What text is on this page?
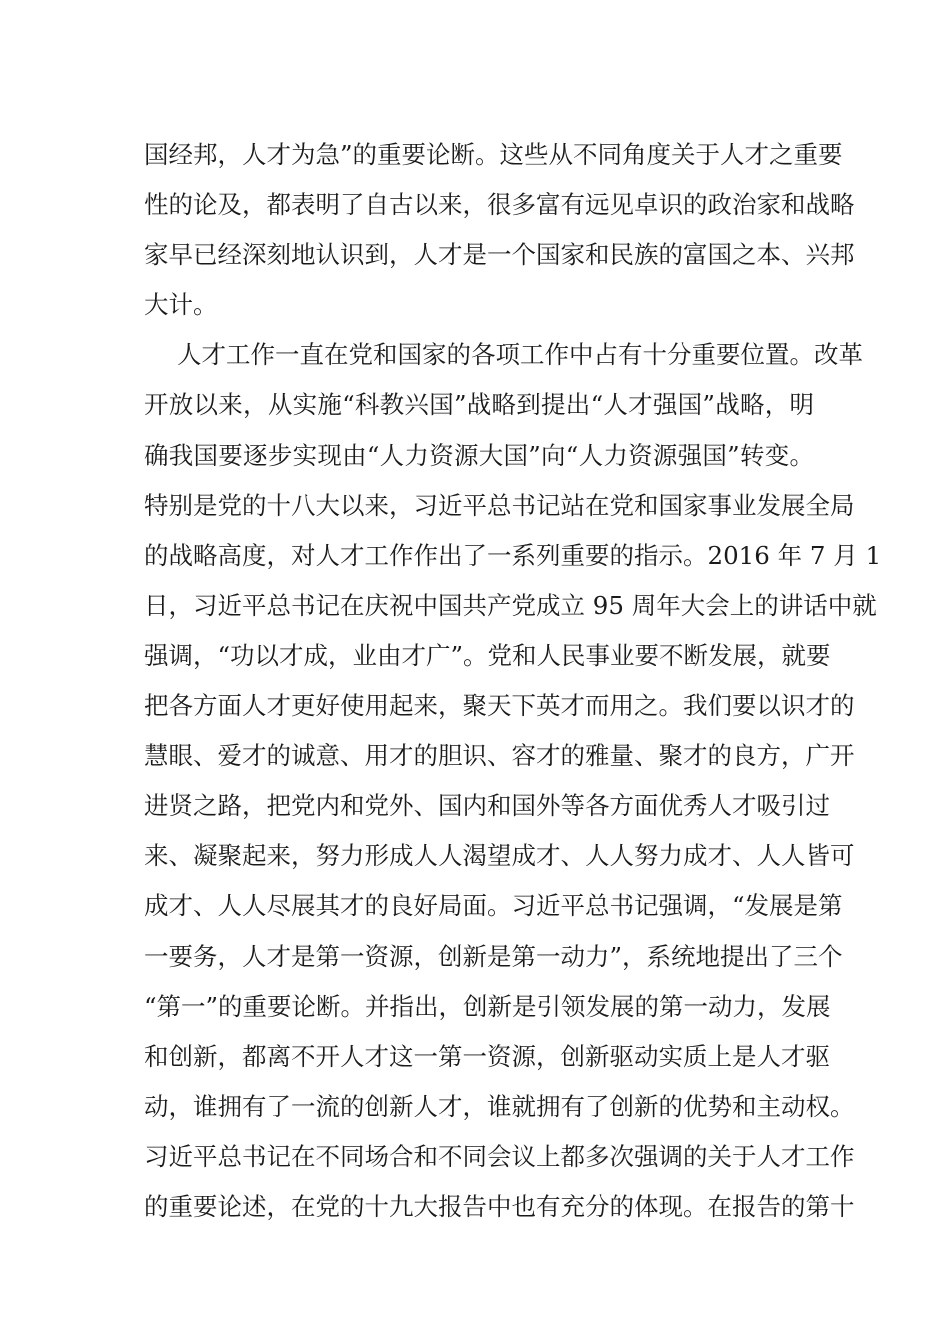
国经邦，人才为急”的重要论断。这些从不同角度关于人才之重要
性的论及，都表明了自古以来，很多富有远见卓识的政治家和战略
家早已经深刻地认识到，人才是一个国家和民族的富国之本、兴邦
大计。
人才工作一直在党和国家的各项工作中占有十分重要位置。改革
开放以来，从实施“科教兴国”战略到提出“人才强国”战略，明
确我国要逐步实现由“人力资源大国”向“人力资源强国”转变。
特别是党的十八大以来，习近平总书记站在党和国家事业发展全局
的战略高度，对人才工作作出了一系列重要的指示。2016 年 7 月 1
日，习近平总书记在庆祝中国共产党成立 95 周年大会上的讲话中就
强调，“功以才成，业由才广”。党和人民事业要不断发展，就要
把各方面人才更好使用起来，聚天下英才而用之。我们要以识才的
慧眼、爱才的诚意、用才的胆识、容才的雅量、聚才的良方，广开
进贤之路，把党内和党外、国内和国外等各方面优秀人才吸引过
来、凝聚起来，努力形成人人渴望成才、人人努力成才、人人皆可
成才、人人尽展其才的良好局面。习近平总书记强调，“发展是第
一要务，人才是第一资源，创新是第一动力”，系统地提出了三个
“第一”的重要论断。并指出，创新是引领发展的第一动力，发展
和创新，都离不开人才这一第一资源，创新驱动实质上是人才驱
动，谁拥有了一流的创新人才，谁就拥有了创新的优势和主动权。
习近平总书记在不同场合和不同会议上都多次强调的关于人才工作
的重要论述，在党的十九大报告中也有充分的体现。在报告的第十
